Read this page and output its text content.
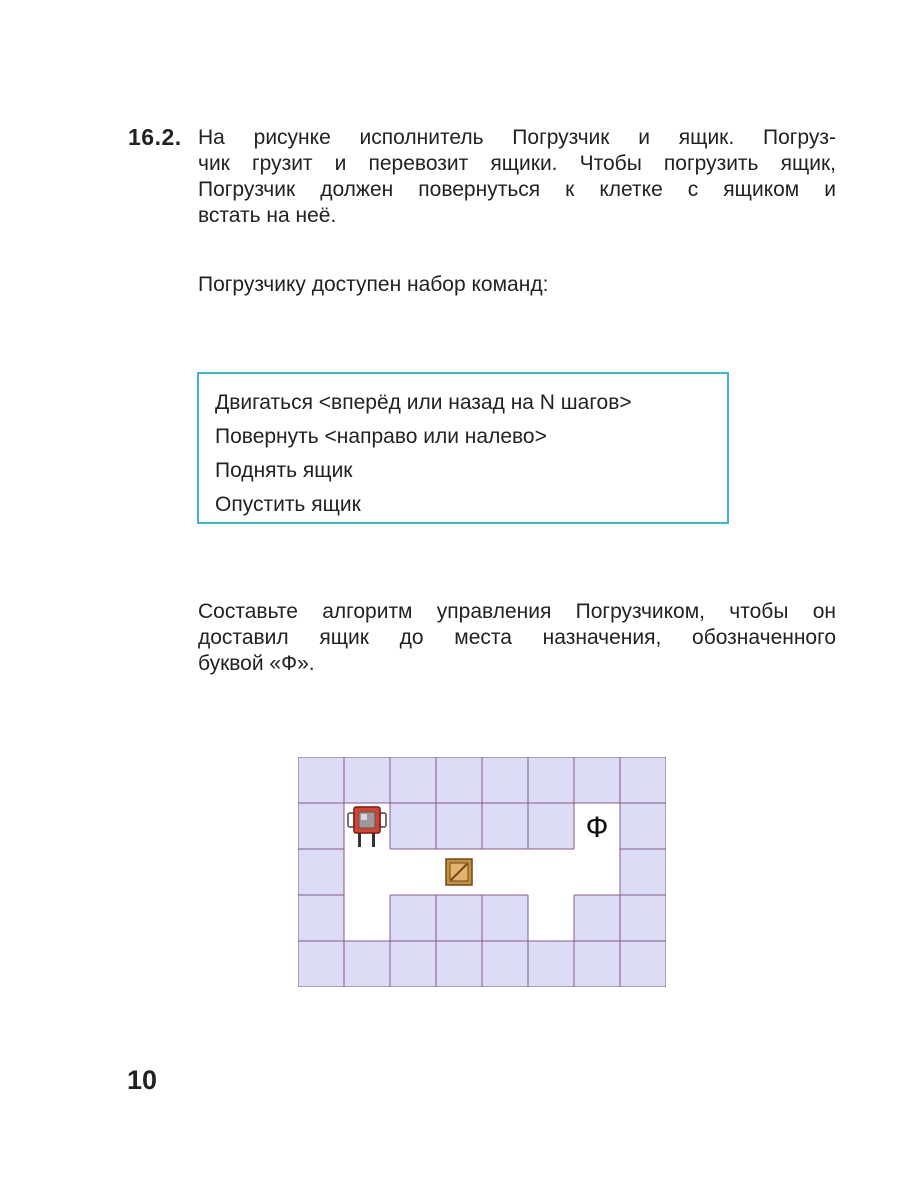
16.2. На рисунке исполнитель Погрузчик и ящик. Погруз-
чик грузит и перевозит ящики. Чтобы погрузить ящик,
Погрузчик должен повернуться к клетке с ящиком и
встать на неё.
Погрузчику доступен набор команд:
Двигаться <вперёд или назад на N шагов>
Повернуть <направо или налево>
Поднять ящик
Опустить ящик
Составьте алгоритм управления Погрузчиком, чтобы он
доставил ящик до места назначения, обозначенного
буквой «Ф».
Ф
10
